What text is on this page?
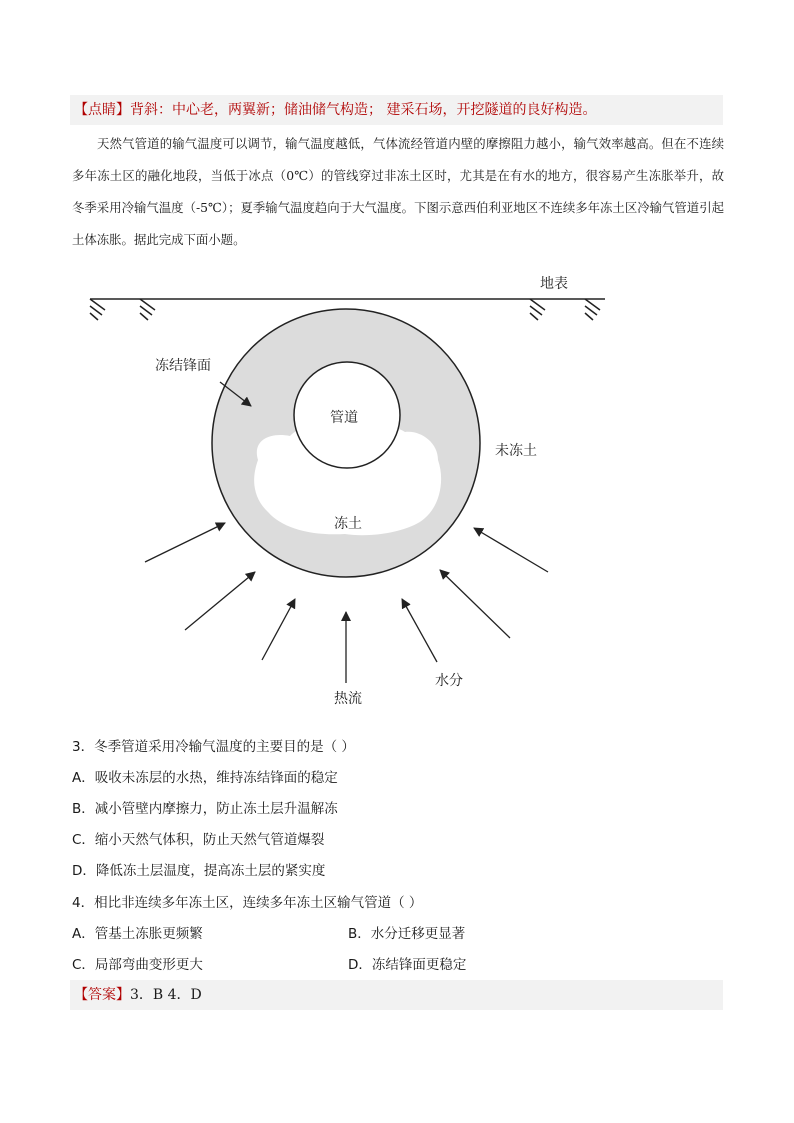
【点睛】背斜：中心老，两翼新；储油储气构造； 建采石场，开挖隧道的良好构造。
天然气管道的输气温度可以调节，输气温度越低，气体流经管道内壁的摩擦阻力越小，输气效率越高。但在不连续多年冻土区的融化地段，当低于冰点（0℃）的管线穿过非冻土区时，尤其是在有水的地方，很容易产生冻胀举升，故冬季采用冷输气温度（-5℃）；夏季输气温度趋向于大气温度。下图示意西伯利亚地区不连续多年冻土区冷输气管道引起土体冻胀。据此完成下面小题。
地表
管道
冻土
未冻土
冻结锋面
热流
水分
3．冬季管道采用冷输气温度的主要目的是（ ）
A．吸收未冻层的水热，维持冻结锋面的稳定
B．减小管壁内摩擦力，防止冻土层升温解冻
C．缩小天然气体积，防止天然气管道爆裂
D．降低冻土层温度，提高冻土层的紧实度
4．相比非连续多年冻土区，连续多年冻土区输气管道（ ）
A．管基土冻胀更频繁	B．水分迁移更显著
C．局部弯曲变形更大	D．冻结锋面更稳定
【答案】3．B 4．D
